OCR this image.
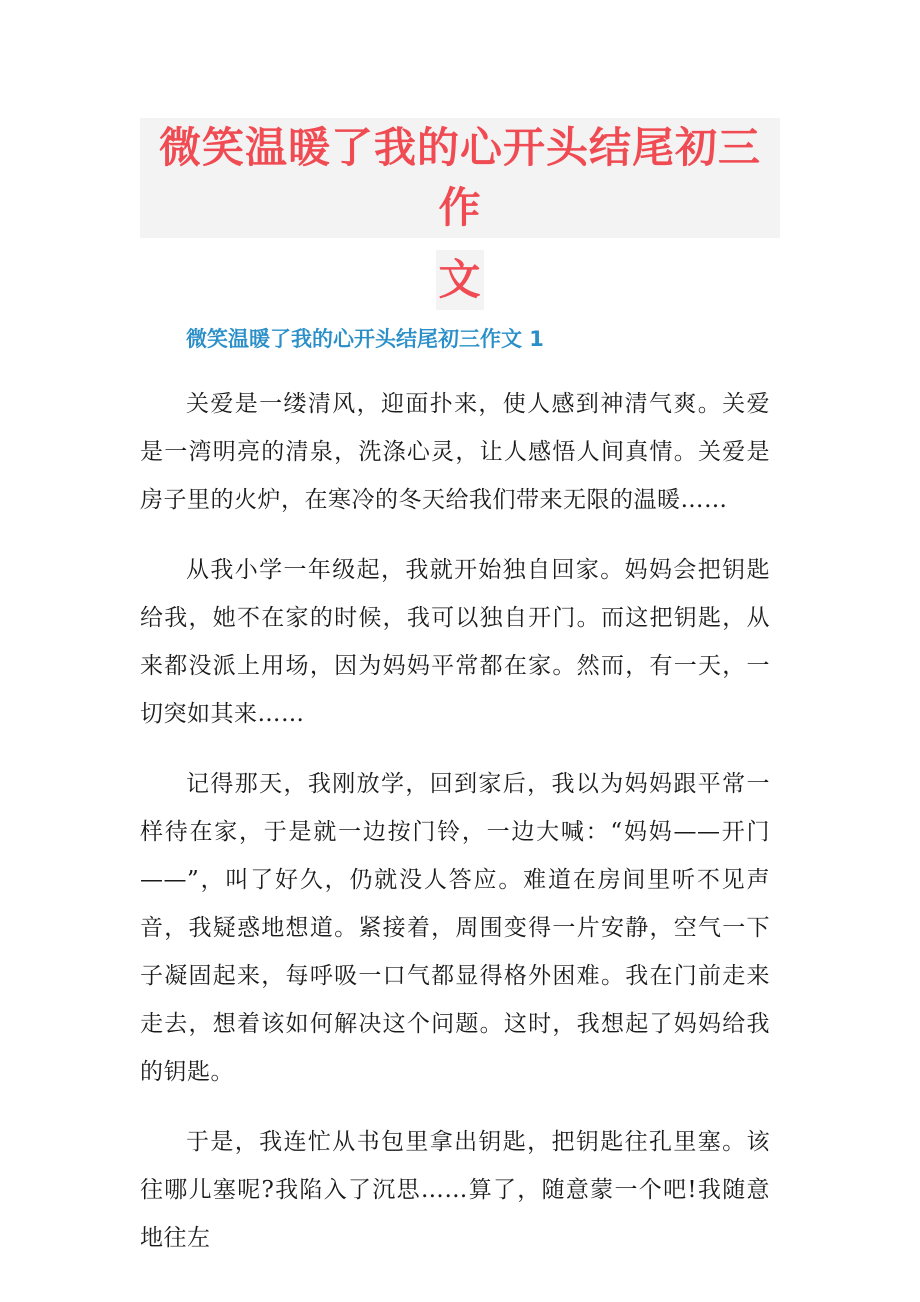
微笑温暖了我的心开头结尾初三作
文
微笑温暖了我的心开头结尾初三作文 1

关爱是一缕清风，迎面扑来，使人感到神清气爽。关爱是一湾明亮的清泉，洗涤心灵，让人感悟人间真情。关爱是房子里的火炉，在寒冷的冬天给我们带来无限的温暖……

从我小学一年级起，我就开始独自回家。妈妈会把钥匙给我，她不在家的时候，我可以独自开门。而这把钥匙，从来都没派上用场，因为妈妈平常都在家。然而，有一天，一切突如其来……

记得那天，我刚放学，回到家后，我以为妈妈跟平常一样待在家，于是就一边按门铃，一边大喊：“妈妈——开门——”，叫了好久，仍就没人答应。难道在房间里听不见声音，我疑惑地想道。紧接着，周围变得一片安静，空气一下子凝固起来，每呼吸一口气都显得格外困难。我在门前走来走去，想着该如何解决这个问题。这时，我想起了妈妈给我的钥匙。

于是，我连忙从书包里拿出钥匙，把钥匙往孔里塞。该往哪儿塞呢?我陷入了沉思……算了，随意蒙一个吧!我随意地往左
